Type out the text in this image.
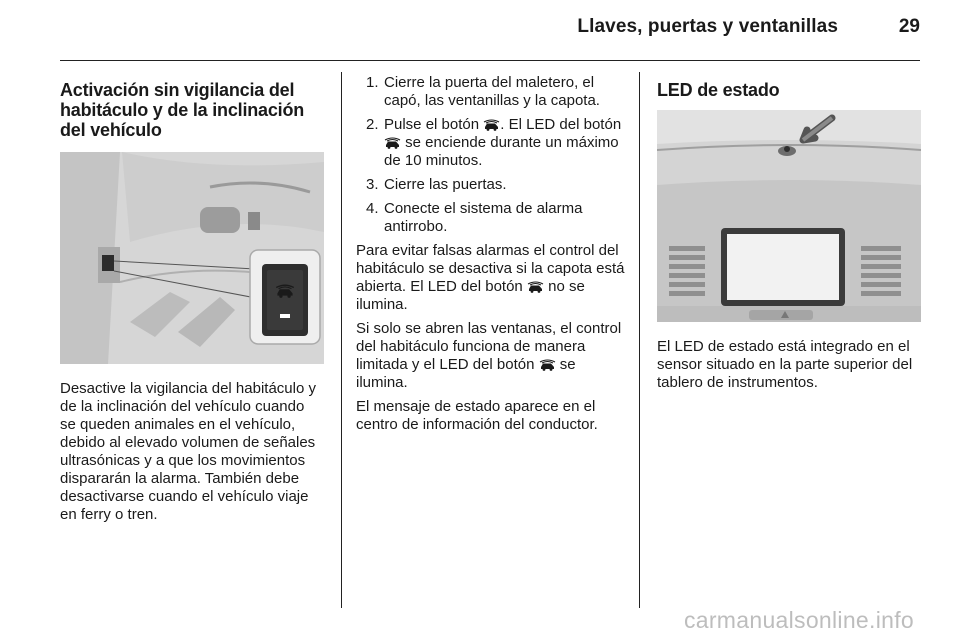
Llaves, puertas y ventanillas	29
Activación sin vigilancia del habitáculo y de la inclinación del vehículo

Desactive la vigilancia del habitáculo y de la inclinación del vehículo cuando se queden animales en el vehículo, debido al elevado volumen de señales ultrasónicas y a que los movimientos dispararán la alarma. También debe desactivarse cuando el vehículo viaje en ferry o tren.

1. Cierre la puerta del maletero, el capó, las ventanillas y la capota.
2. Pulse el botón . El LED del botón  se enciende durante un máximo de 10 minutos.
3. Cierre las puertas.
4. Conecte el sistema de alarma antirrobo.

Para evitar falsas alarmas el control del habitáculo se desactiva si la capota está abierta. El LED del botón no se ilumina.

Si solo se abren las ventanas, el control del habitáculo funciona de manera limitada y el LED del botón se ilumina.

El mensaje de estado aparece en el centro de información del conductor.

LED de estado

El LED de estado está integrado en el sensor situado en la parte superior del tablero de instrumentos.

carmanualsonline.info
